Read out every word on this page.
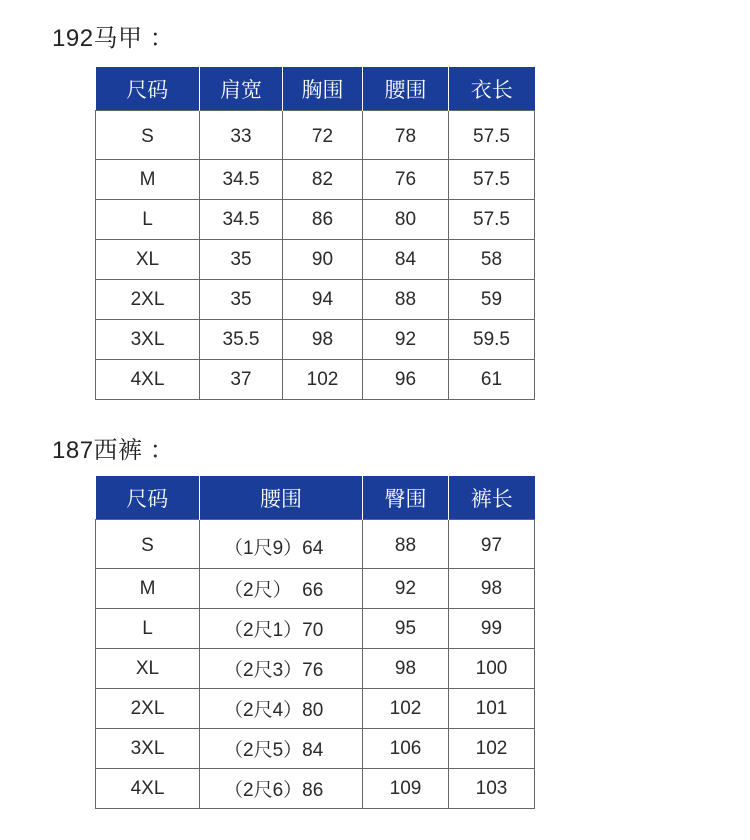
192马甲 ：
尺码	肩宽	胸围	腰围	衣长
S	33	72	78	57.5
M	34.5	82	76	57.5
L	34.5	86	80	57.5
XL	35	90	84	58
2XL	35	94	88	59
3XL	35.5	98	92	59.5
4XL	37	102	96	61
187西裤 ：
尺码	腰围	臀围	裤长
S	（1尺9）64	88	97
M	（2尺）  66	92	98
L	（2尺1）70	95	99
XL	（2尺3）76	98	100
2XL	（2尺4）80	102	101
3XL	（2尺5）84	106	102
4XL	（2尺6）86	109	103
